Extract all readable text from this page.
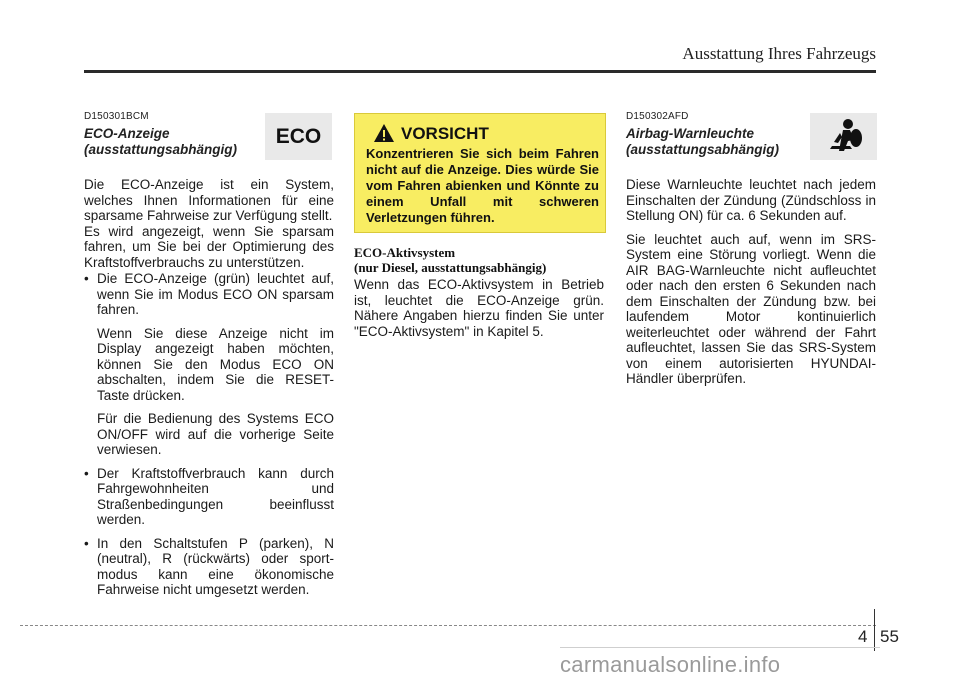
Ausstattung Ihres Fahrzeugs
D150301BCM
ECO-Anzeige
(ausstattungsabhängig)
ECO

Die ECO-Anzeige ist ein System, welches Ihnen Informationen für eine sparsame Fahrweise zur Verfügung stellt.

Es wird angezeigt, wenn Sie sparsam fahren, um Sie bei der Optimierung des Kraftstoffverbrauchs zu unterstützen.

• Die ECO-Anzeige (grün) leuchtet auf, wenn Sie im Modus ECO ON sparsam fahren.

Wenn Sie diese Anzeige nicht im Display angezeigt haben möchten, können Sie den Modus ECO ON abschalten, indem Sie die RESET-Taste drücken.

Für die Bedienung des Systems ECO ON/OFF wird auf die vorherige Seite verwiesen.

• Der Kraftstoffverbrauch kann durch Fahrgewohnheiten und Straßenbedingungen beeinflusst werden.
• In den Schaltstufen P (parken), N (neutral), R (rückwärts) oder sport-modus kann eine ökonomische Fahrweise nicht umgesetzt werden.
VORSICHT
Konzentrieren Sie sich beim Fahren nicht auf die Anzeige. Dies würde Sie vom Fahren abienken und Könnte zu einem Unfall mit schweren Verletzungen führen.
ECO-Aktivsystem
(nur Diesel, ausstattungsabhängig)
Wenn das ECO-Aktivsystem in Betrieb ist, leuchtet die ECO-Anzeige grün. Nähere Angaben hierzu finden Sie unter "ECO-Aktivsystem" in Kapitel 5.
D150302AFD
Airbag-Warnleuchte
(ausstattungsabhängig)

Diese Warnleuchte leuchtet nach jedem Einschalten der Zündung (Zündschloss in Stellung ON) für ca. 6 Sekunden auf.

Sie leuchtet auch auf, wenn im SRS-System eine Störung vorliegt. Wenn die AIR BAG-Warnleuchte nicht aufleuchtet oder nach den ersten 6 Sekunden nach dem Einschalten der Zündung bzw. bei laufendem Motor kontinuierlich weiterleuchtet oder während der Fahrt aufleuchtet, lassen Sie das SRS-System von einem autorisierten HYUNDAI-Händler überprüfen.

4 55
carmanualsonline.info
